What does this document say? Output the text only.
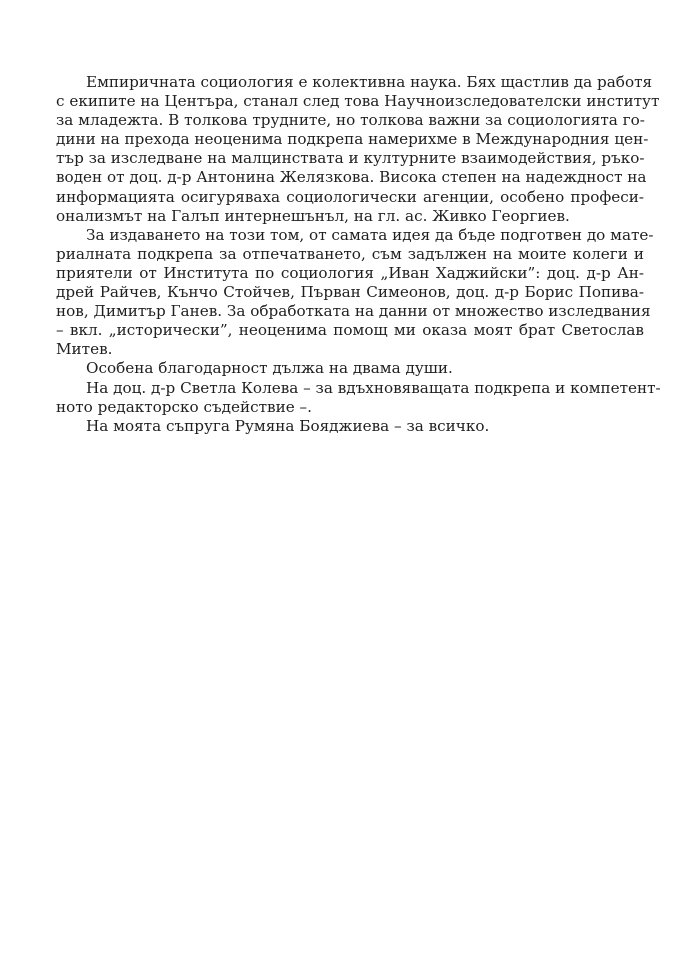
Емпиричната социология е колективна наука. Бях щастлив да работя
с екипите на Центъра, станал след това Научноизследователски институт
за младежта. В толкова трудните, но толкова важни за социологията го-
дини на прехода неоценима подкрепа намерихме в Международния цен-
тър за изследване на малцинствата и културните взаимодействия, ръко-
воден от доц. д-р Антонина Желязкова. Висока степен на надеждност на
информацията осигуряваха социологически агенции, особено професи-
онализмът на Галъп интернешънъл, на гл. ас. Живко Георгиев.

За издаването на този том, от самата идея да бъде подготвен до мате-
риалната подкрепа за отпечатването, съм задължен на моите колеги и
приятели от Института по социология „Иван Хаджийски”: доц. д-р Ан-
дрей Райчев, Кънчо Стойчев, Първан Симеонов, доц. д-р Борис Попива-
нов, Димитър Ганев. За обработката на данни от множество изследвания
– вкл. „исторически”, неоценима помощ ми оказа моят брат Светослав
Митев.

Особена благодарност дължа на двама души.

На доц. д-р Светла Колева – за вдъхновяващата подкрепа и компетент-
ното редакторско съдействие –.

На моята съпруга Румяна Бояджиева – за всичко.
